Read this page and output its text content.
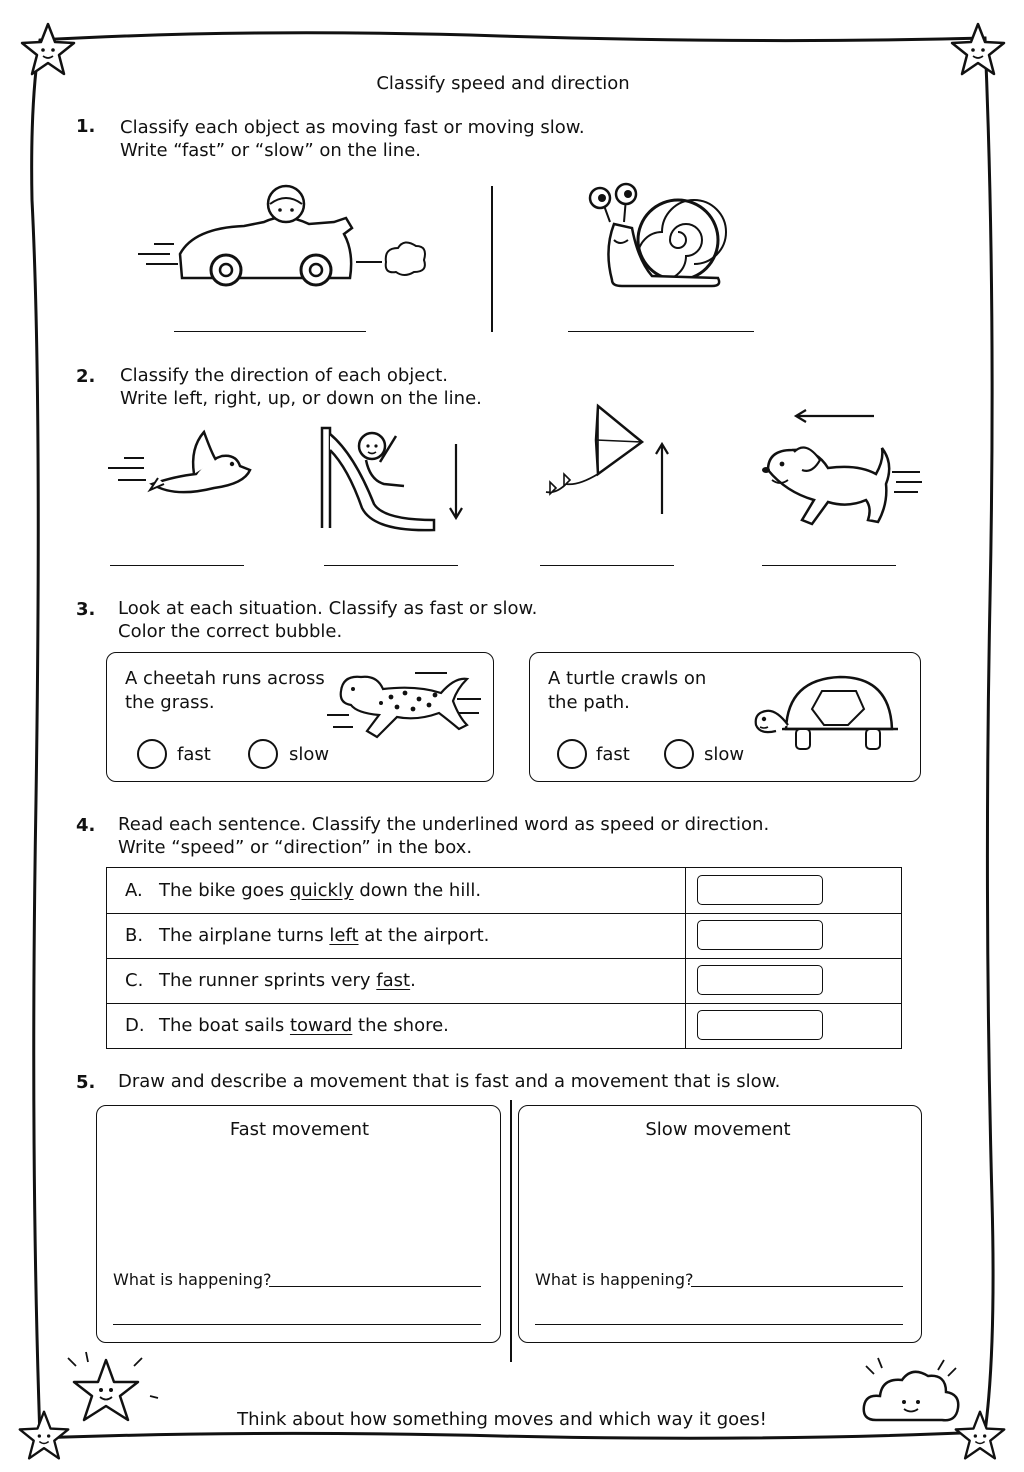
Classify speed and direction
1. Classify each object as moving fast or moving slow.
Write “fast” or “slow” on the line.
2. Classify the direction of each object.
Write left, right, up, or down on the line.
3. Look at each situation. Classify as fast or slow.
Color the correct bubble.
A cheetah runs across
the grass.
fast	slow
A turtle crawls on
the path.
fast	slow
4. Read each sentence. Classify the underlined word as speed or direction.
Write “speed” or “direction” in the box.
A. The bike goes quickly down the hill.
B. The airplane turns left at the airport.
C. The runner sprints very fast.
D. The boat sails toward the shore.
5. Draw and describe a movement that is fast and a movement that is slow.
Fast movement
What is happening?
Slow movement
What is happening?
Think about how something moves and which way it goes!
